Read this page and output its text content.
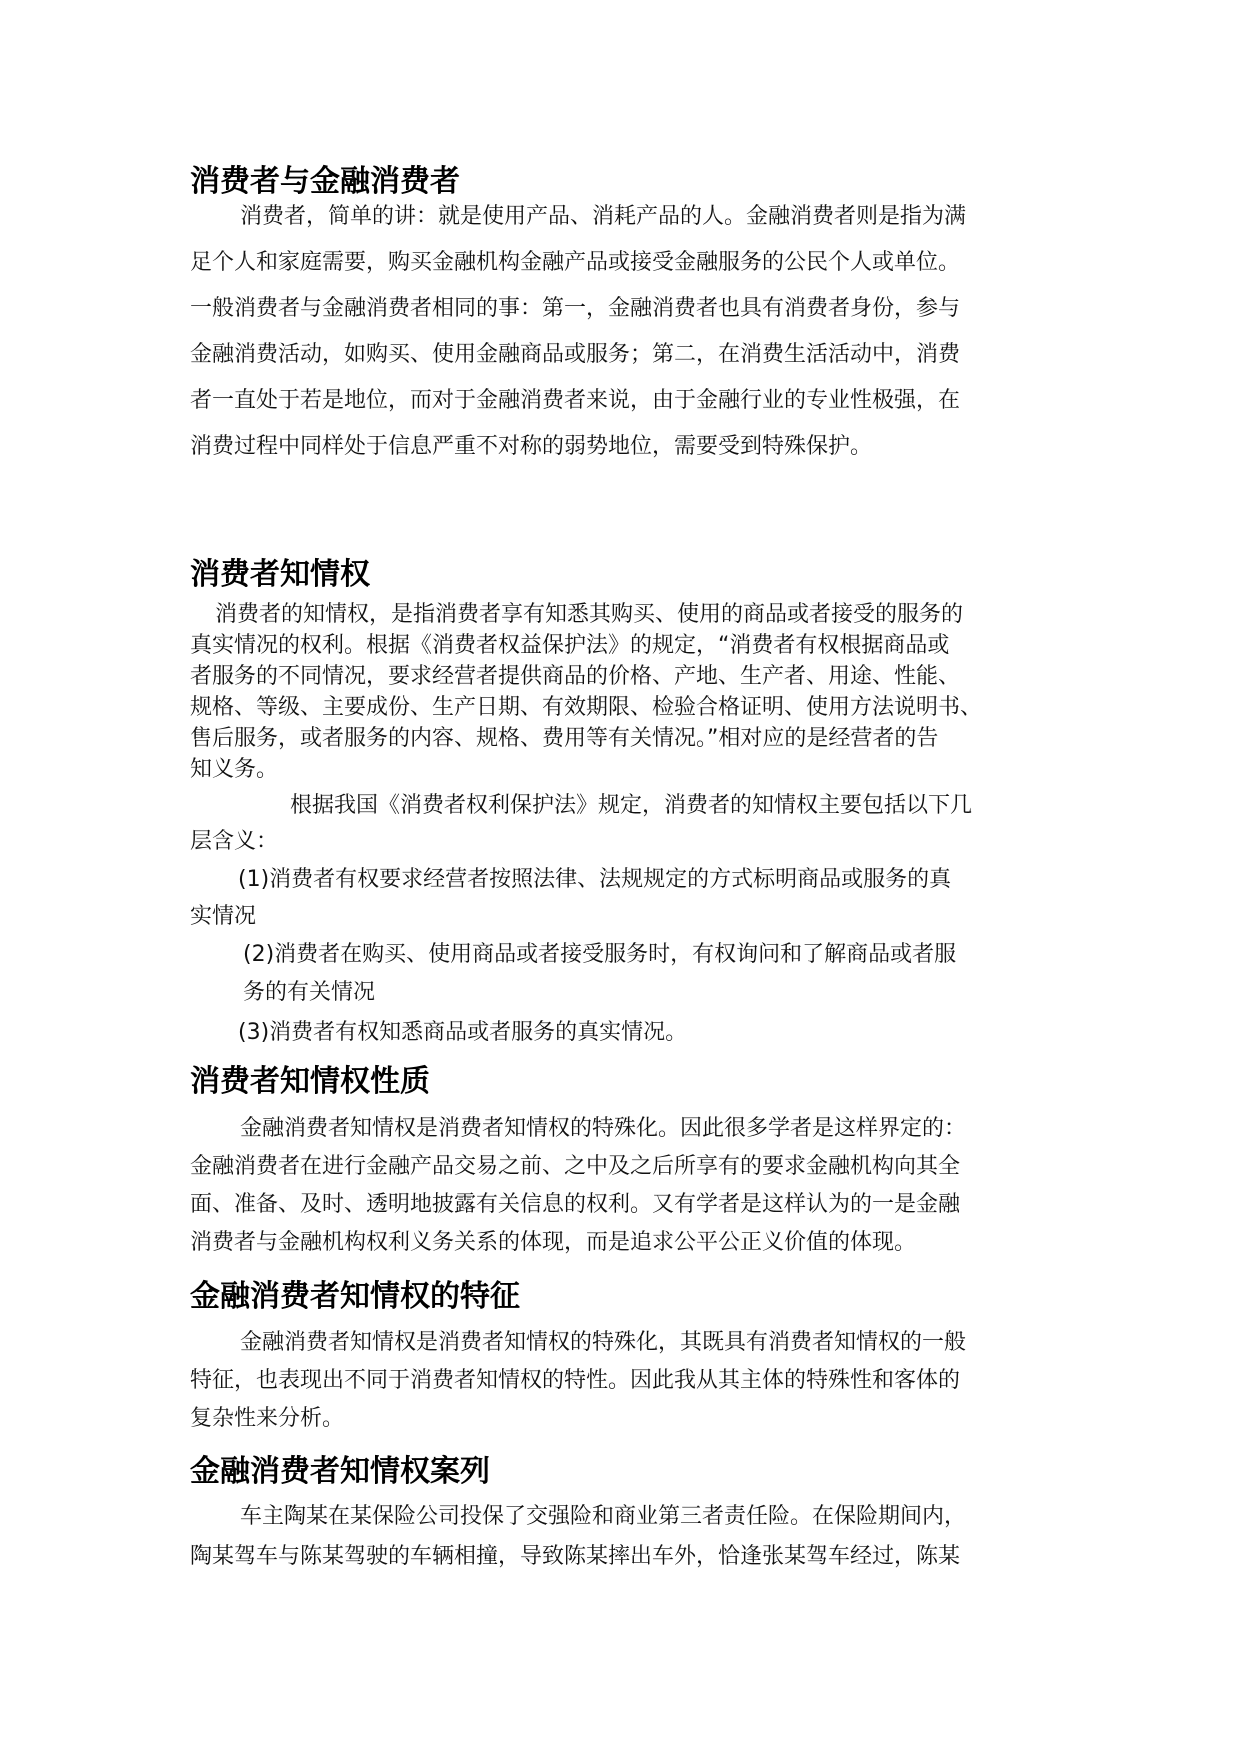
消费者与金融消费者
消费者，简单的讲：就是使用产品、消耗产品的人。金融消费者则是指为满
足个人和家庭需要，购买金融机构金融产品或接受金融服务的公民个人或单位。
一般消费者与金融消费者相同的事：第一，金融消费者也具有消费者身份，参与
金融消费活动，如购买、使用金融商品或服务；第二，在消费生活活动中，消费
者一直处于若是地位，而对于金融消费者来说，由于金融行业的专业性极强，在
消费过程中同样处于信息严重不对称的弱势地位，需要受到特殊保护。
消费者知情权
消费者的知情权，是指消费者享有知悉其购买、使用的商品或者接受的服务的
真实情况的权利。根据《消费者权益保护法》的规定，“消费者有权根据商品或
者服务的不同情况，要求经营者提供商品的价格、产地、生产者、用途、性能、
规格、等级、主要成份、生产日期、有效期限、检验合格证明、使用方法说明书、
售后服务，或者服务的内容、规格、费用等有关情况。”相对应的是经营者的告
知义务。
根据我国《消费者权利保护法》规定，消费者的知情权主要包括以下几
层含义：
(1)消费者有权要求经营者按照法律、法规规定的方式标明商品或服务的真
实情况
(2)消费者在购买、使用商品或者接受服务时，有权询问和了解商品或者服
务的有关情况
(3)消费者有权知悉商品或者服务的真实情况。
消费者知情权性质
金融消费者知情权是消费者知情权的特殊化。因此很多学者是这样界定的：
金融消费者在进行金融产品交易之前、之中及之后所享有的要求金融机构向其全
面、准备、及时、透明地披露有关信息的权利。又有学者是这样认为的一是金融
消费者与金融机构权利义务关系的体现，而是追求公平公正义价值的体现。
金融消费者知情权的特征
金融消费者知情权是消费者知情权的特殊化，其既具有消费者知情权的一般
特征，也表现出不同于消费者知情权的特性。因此我从其主体的特殊性和客体的
复杂性来分析。
金融消费者知情权案列
车主陶某在某保险公司投保了交强险和商业第三者责任险。在保险期间内，
陶某驾车与陈某驾驶的车辆相撞，导致陈某摔出车外，恰逢张某驾车经过，陈某
